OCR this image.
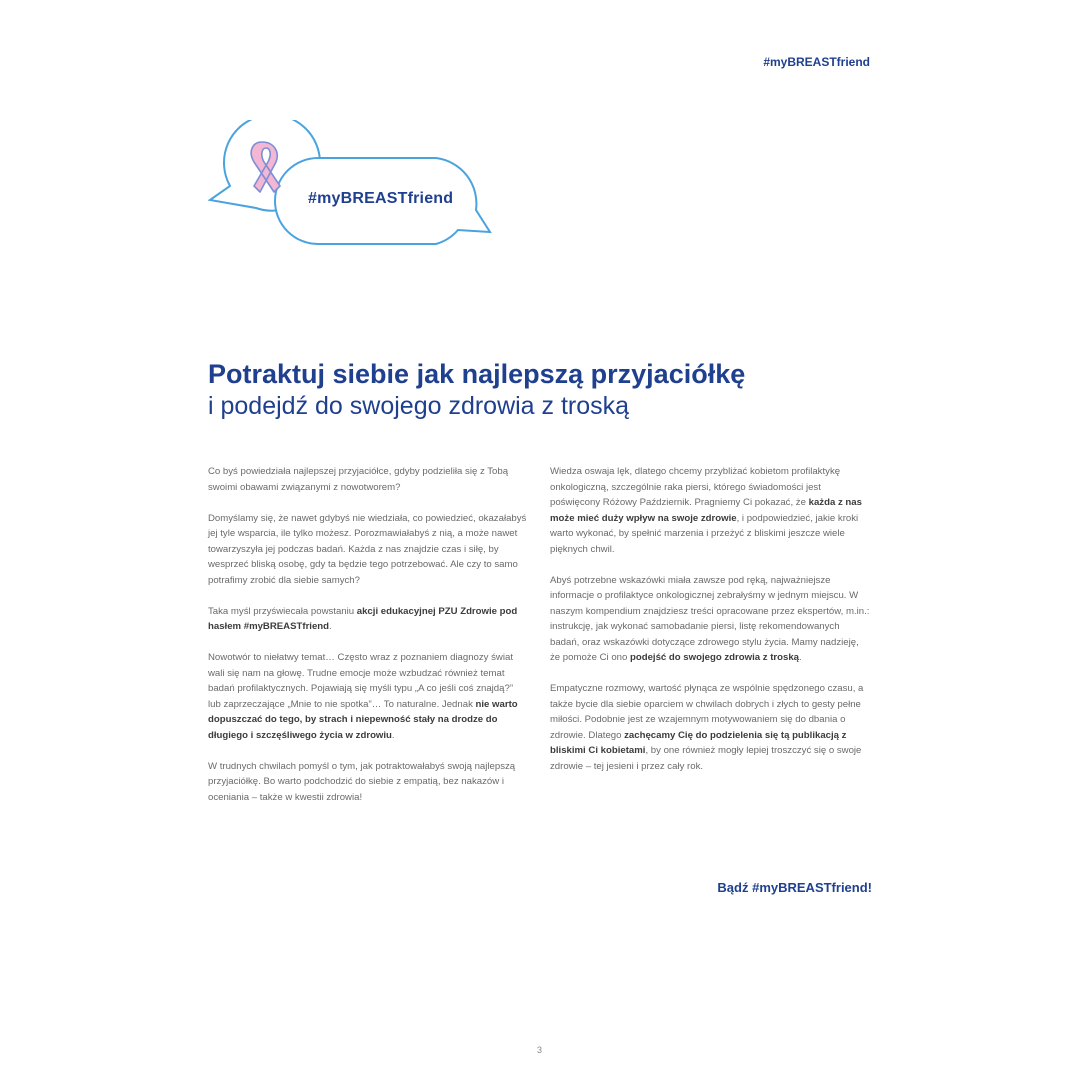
#myBREASTfriend
#myBREASTfriend
Potraktuj siebie jak najlepszą przyjaciółkę
i podejdź do swojego zdrowia z troską

Co byś powiedziała najlepszej przyjaciółce, gdyby podzieliła się z Tobą swoimi obawami związanymi z nowotworem?

Domyślamy się, że nawet gdybyś nie wiedziała, co powiedzieć, okazałabyś jej tyle wsparcia, ile tylko możesz. Porozmawiałabyś z nią, a może nawet towarzyszyła jej podczas badań. Każda z nas znajdzie czas i siłę, by wesprzeć bliską osobę, gdy ta będzie tego potrzebować. Ale czy to samo potrafimy zrobić dla siebie samych?

Taka myśl przyświecała powstaniu akcji edukacyjnej PZU Zdrowie pod hasłem #myBREASTfriend.

Nowotwór to niełatwy temat… Często wraz z poznaniem diagnozy świat wali się nam na głowę. Trudne emocje może wzbudzać również temat badań profilaktycznych. Pojawiają się myśli typu „A co jeśli coś znajdą?” lub zaprzeczające „Mnie to nie spotka”… To naturalne. Jednak nie warto dopuszczać do tego, by strach i niepewność stały na drodze do długiego i szczęśliwego życia w zdrowiu.

W trudnych chwilach pomyśl o tym, jak potraktowałabyś swoją najlepszą przyjaciółkę. Bo warto podchodzić do siebie z empatią, bez nakazów i oceniania – także w kwestii zdrowia!

Wiedza oswaja lęk, dlatego chcemy przybliżać kobietom profilaktykę onkologiczną, szczególnie raka piersi, którego świadomości jest poświęcony Różowy Październik. Pragniemy Ci pokazać, że każda z nas może mieć duży wpływ na swoje zdrowie, i podpowiedzieć, jakie kroki warto wykonać, by spełnić marzenia i przeżyć z bliskimi jeszcze wiele pięknych chwil.

Abyś potrzebne wskazówki miała zawsze pod ręką, najważniejsze informacje o profilaktyce onkologicznej zebrałyśmy w jednym miejscu. W naszym kompendium znajdziesz treści opracowane przez ekspertów, m.in.: instrukcję, jak wykonać samobadanie piersi, listę rekomendowanych badań, oraz wskazówki dotyczące zdrowego stylu życia. Mamy nadzieję, że pomoże Ci ono podejść do swojego zdrowia z troską.

Empatyczne rozmowy, wartość płynąca ze wspólnie spędzonego czasu, a także bycie dla siebie oparciem w chwilach dobrych i złych to gesty pełne miłości. Podobnie jest ze wzajemnym motywowaniem się do dbania o zdrowie. Dlatego zachęcamy Cię do podzielenia się tą publikacją z bliskimi Ci kobietami, by one również mogły lepiej troszczyć się o swoje zdrowie – tej jesieni i przez cały rok.

Bądź #myBREASTfriend!
3
